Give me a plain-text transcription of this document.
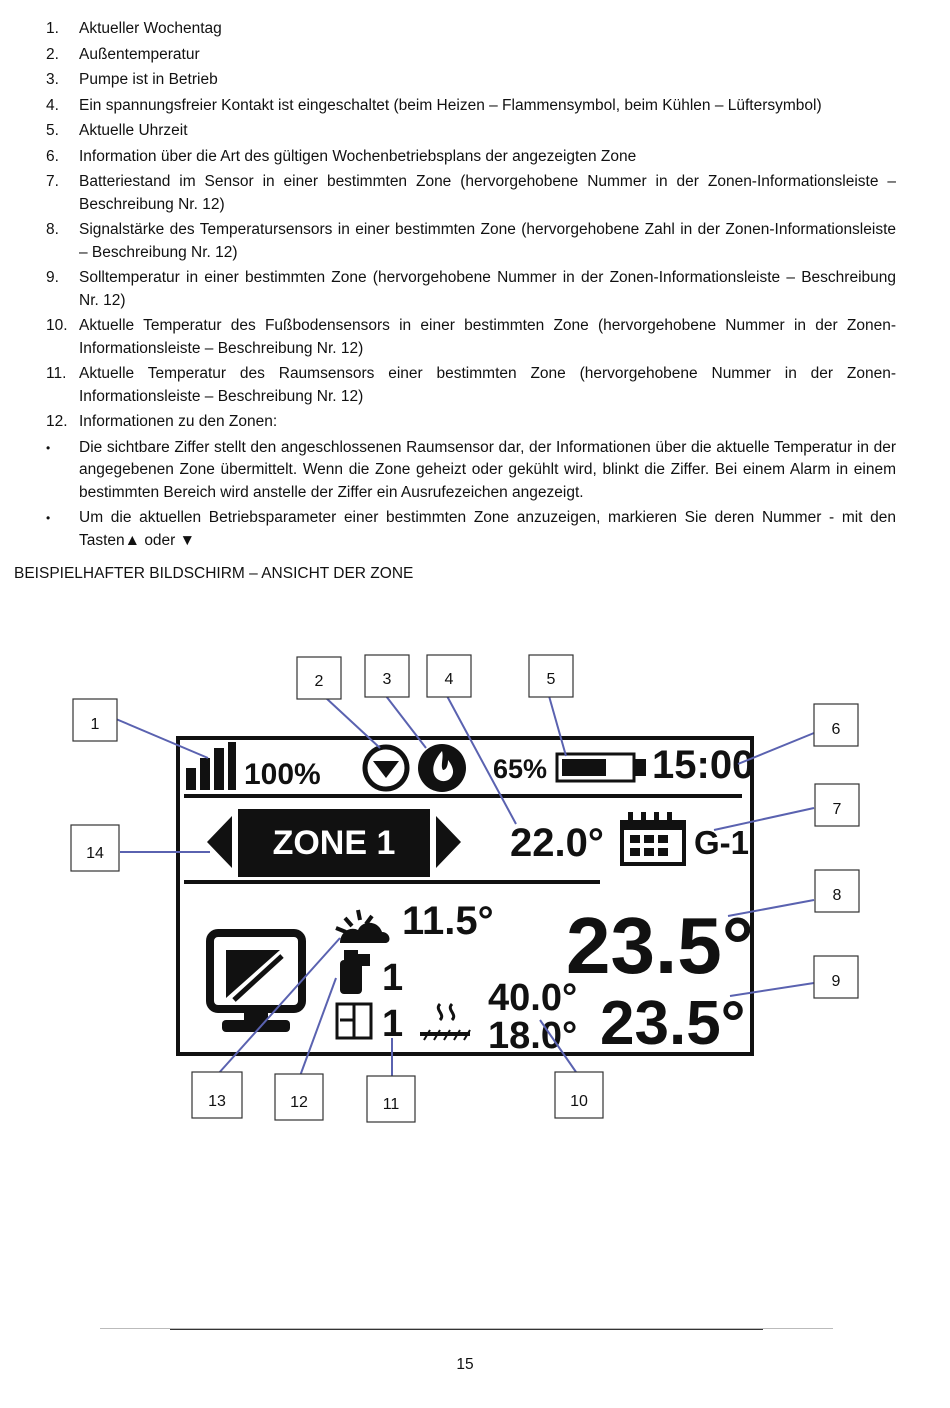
1. Aktueller Wochentag
2. Außentemperatur
3. Pumpe ist in Betrieb
4. Ein spannungsfreier Kontakt ist eingeschaltet (beim Heizen – Flammensymbol, beim Kühlen – Lüftersymbol)
5. Aktuelle Uhrzeit
6. Information über die Art des gültigen Wochenbetriebsplans der angezeigten Zone
7. Batteriestand im Sensor in einer bestimmten Zone (hervorgehobene Nummer in der Zonen-Informationsleiste – Beschreibung Nr. 12)
8. Signalstärke des Temperatursensors in einer bestimmten Zone (hervorgehobene Zahl in der Zonen-Informationsleiste – Beschreibung Nr. 12)
9. Solltemperatur in einer bestimmten Zone (hervorgehobene Nummer in der Zonen-Informationsleiste – Beschreibung Nr. 12)
10. Aktuelle Temperatur des Fußbodensensors in einer bestimmten Zone (hervorgehobene Nummer in der Zonen-Informationsleiste – Beschreibung Nr. 12)
11. Aktuelle Temperatur des Raumsensors einer bestimmten Zone (hervorgehobene Nummer in der Zonen-Informationsleiste – Beschreibung Nr. 12)
12. Informationen zu den Zonen:
• Die sichtbare Ziffer stellt den angeschlossenen Raumsensor dar, der Informationen über die aktuelle Temperatur in der angegebenen Zone übermittelt. Wenn die Zone geheizt oder gekühlt wird, blinkt die Ziffer. Bei einem Alarm in einem bestimmten Bereich wird anstelle der Ziffer ein Ausrufezeichen angezeigt.
• Um die aktuellen Betriebsparameter einer bestimmten Zone anzuzeigen, markieren Sie deren Nummer - mit den Tasten▲ oder ▼
BEISPIELHAFTER BILDSCHIRM – ANSICHT DER ZONE
100%	65%	15:00
ZONE 1	22.0°	G-1
11.5°
1
1
23.5°
40.0°
18.0° 23.5°
1
2	3	4	5
6
7
8
9
10
11
12
13
14
15
